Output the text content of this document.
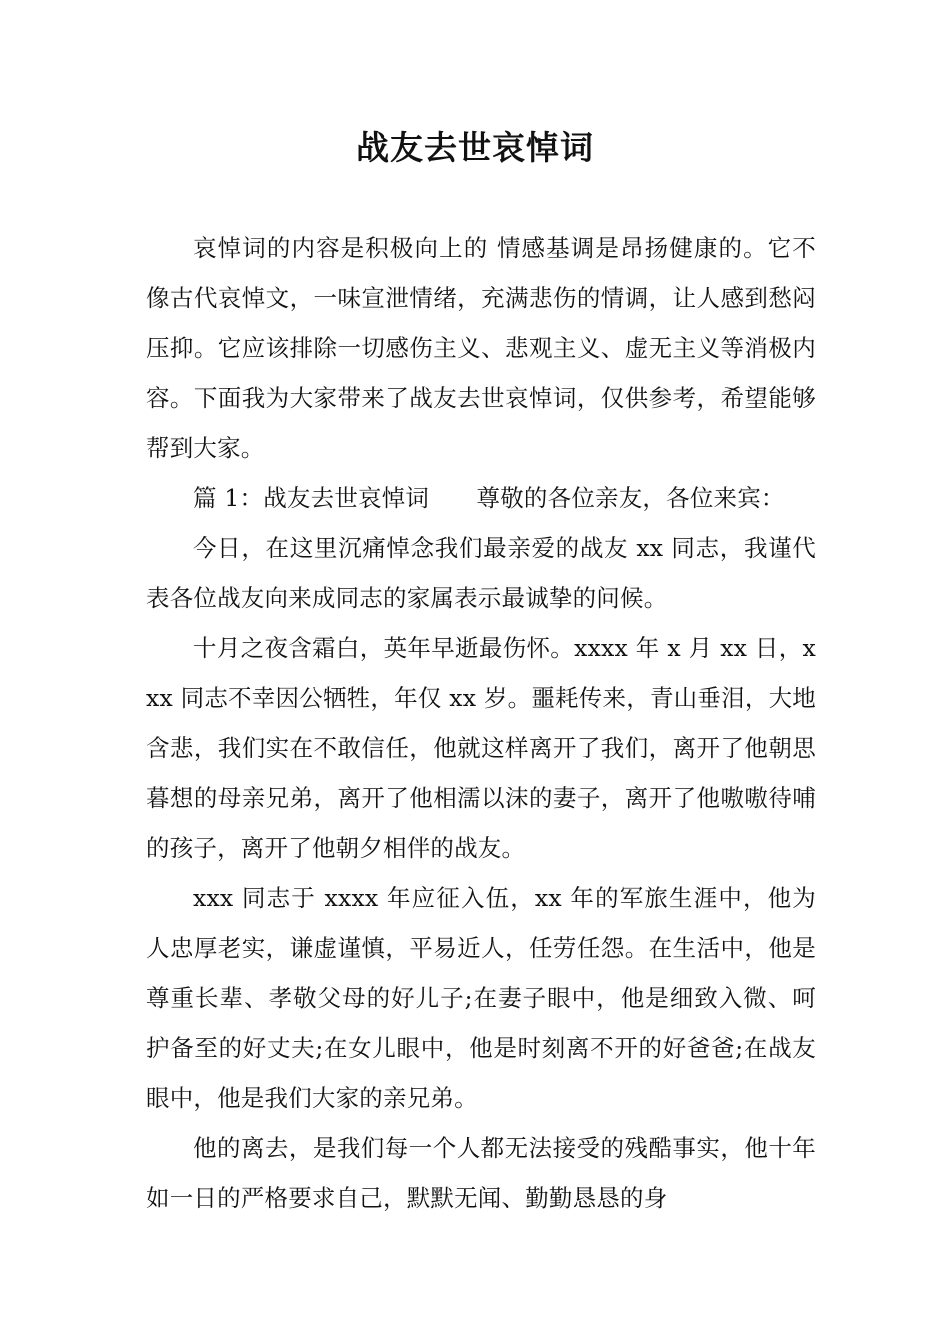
战友去世哀悼词

哀悼词的内容是积极向上的 情感基调是昂扬健康的。它不像古代哀悼文，一味宣泄情绪，充满悲伤的情调，让人感到愁闷压抑。它应该排除一切感伤主义、悲观主义、虚无主义等消极内容。下面我为大家带来了战友去世哀悼词，仅供参考，希望能够帮到大家。

篇 1：战友去世哀悼词　　尊敬的各位亲友，各位来宾：

今日，在这里沉痛悼念我们最亲爱的战友 xx 同志，我谨代表各位战友向来成同志的家属表示最诚挚的问候。

十月之夜含霜白，英年早逝最伤怀。xxxx 年 x 月 xx 日，xxx 同志不幸因公牺牲，年仅 xx 岁。噩耗传来，青山垂泪，大地含悲，我们实在不敢信任，他就这样离开了我们，离开了他朝思暮想的母亲兄弟，离开了他相濡以沫的妻子，离开了他嗷嗷待哺的孩子，离开了他朝夕相伴的战友。

xxx 同志于 xxxx 年应征入伍，xx 年的军旅生涯中，他为人忠厚老实，谦虚谨慎，平易近人，任劳任怨。在生活中，他是尊重长辈、孝敬父母的好儿子;在妻子眼中，他是细致入微、呵护备至的好丈夫;在女儿眼中，他是时刻离不开的好爸爸;在战友眼中，他是我们大家的亲兄弟。

他的离去，是我们每一个人都无法接受的残酷事实，他十年如一日的严格要求自己，默默无闻、勤勤恳恳的身
